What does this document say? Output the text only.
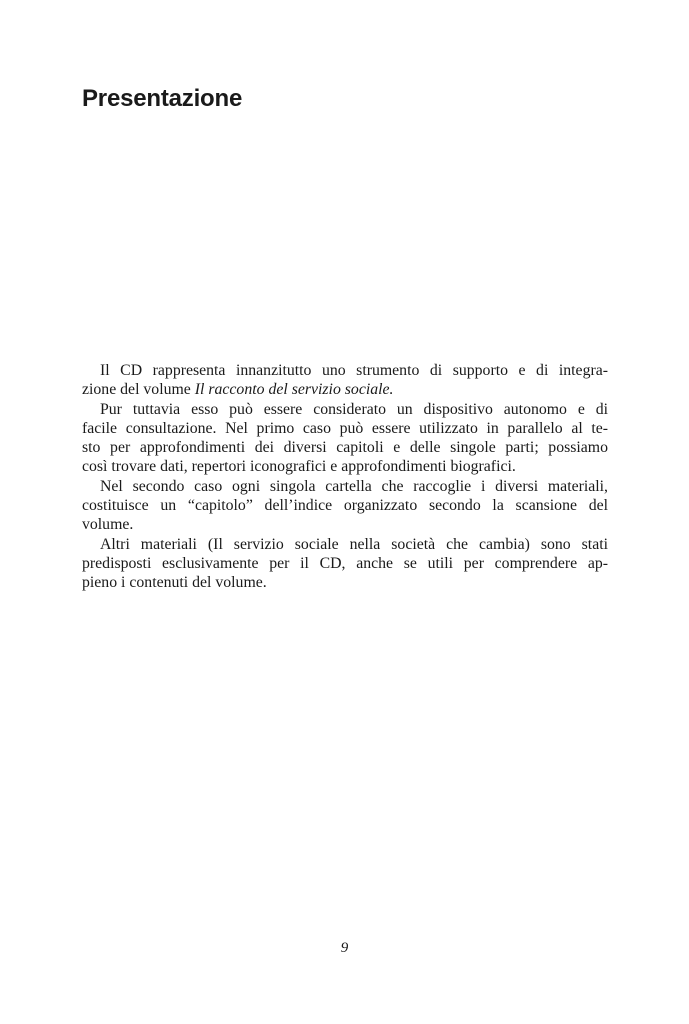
Presentazione

Il CD rappresenta innanzitutto uno strumento di supporto e di integra-
zione del volume Il racconto del servizio sociale.

Pur tuttavia esso può essere considerato un dispositivo autonomo e di
facile consultazione. Nel primo caso può essere utilizzato in parallelo al te-
sto per approfondimenti dei diversi capitoli e delle singole parti; possiamo
così trovare dati, repertori iconografici e approfondimenti biografici.

Nel secondo caso ogni singola cartella che raccoglie i diversi materiali,
costituisce un “capitolo” dell’indice organizzato secondo la scansione del
volume.

Altri materiali (Il servizio sociale nella società che cambia) sono stati
predisposti esclusivamente per il CD, anche se utili per comprendere ap-
pieno i contenuti del volume.

9
